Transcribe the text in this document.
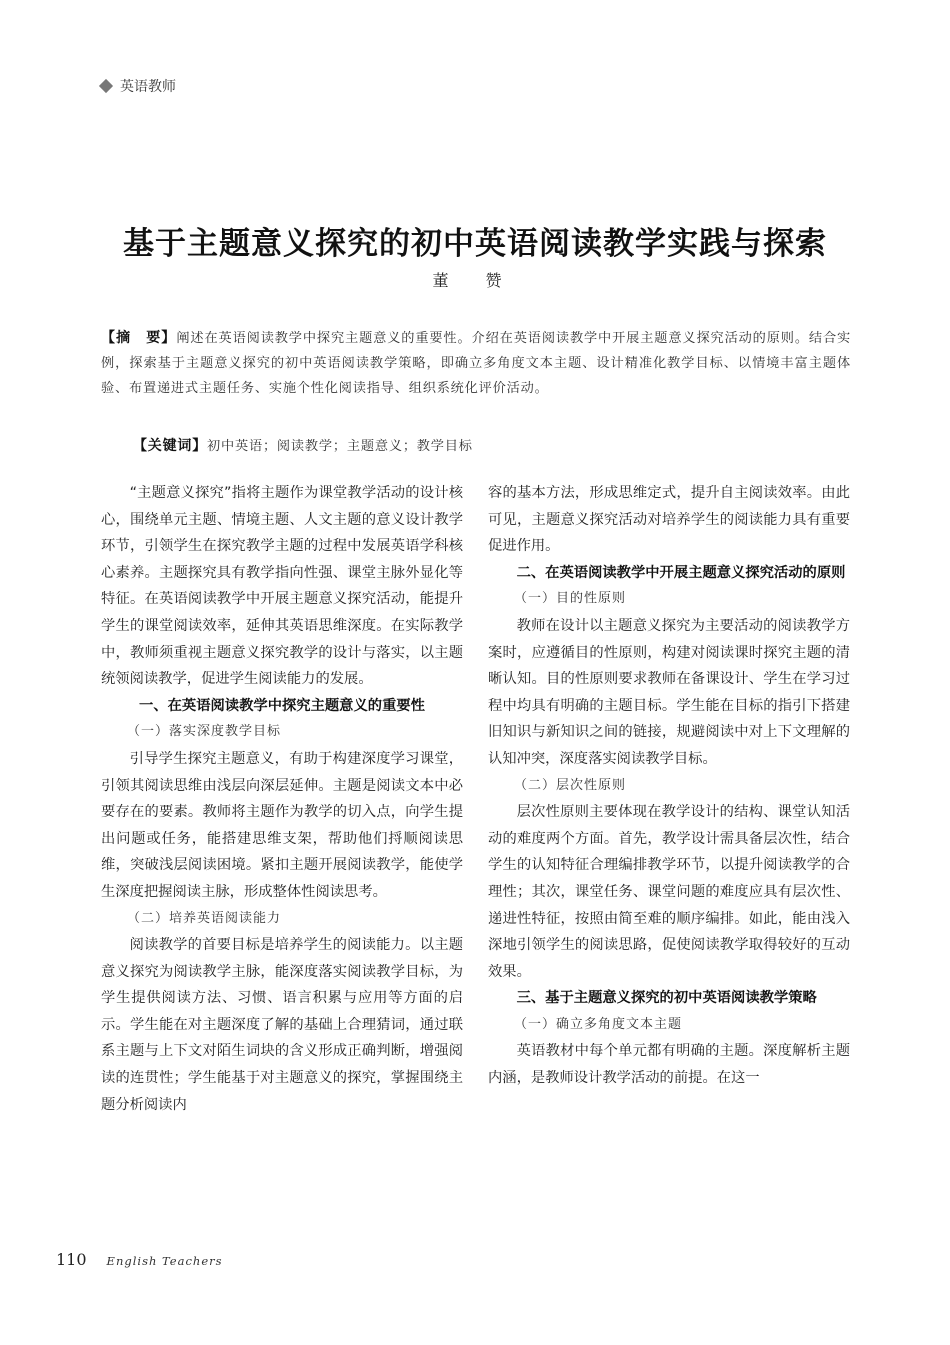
英语教师
基于主题意义探究的初中英语阅读教学实践与探索
董 赞
【摘　要】阐述在英语阅读教学中探究主题意义的重要性。介绍在英语阅读教学中开展主题意义探究活动的原则。结合实例，探索基于主题意义探究的初中英语阅读教学策略，即确立多角度文本主题、设计精准化教学目标、以情境丰富主题体验、布置递进式主题任务、实施个性化阅读指导、组织系统化评价活动。
【关键词】初中英语；阅读教学；主题意义；教学目标

“主题意义探究”指将主题作为课堂教学活动的设计核心，围绕单元主题、情境主题、人文主题的意义设计教学环节，引领学生在探究教学主题的过程中发展英语学科核心素养。主题探究具有教学指向性强、课堂主脉外显化等特征。在英语阅读教学中开展主题意义探究活动，能提升学生的课堂阅读效率，延伸其英语思维深度。在实际教学中，教师须重视主题意义探究教学的设计与落实，以主题统领阅读教学，促进学生阅读能力的发展。

一、在英语阅读教学中探究主题意义的重要性

（一）落实深度教学目标

引导学生探究主题意义，有助于构建深度学习课堂，引领其阅读思维由浅层向深层延伸。主题是阅读文本中必要存在的要素。教师将主题作为教学的切入点，向学生提出问题或任务，能搭建思维支架，帮助他们捋顺阅读思维，突破浅层阅读困境。紧扣主题开展阅读教学，能使学生深度把握阅读主脉，形成整体性阅读思考。

（二）培养英语阅读能力

阅读教学的首要目标是培养学生的阅读能力。以主题意义探究为阅读教学主脉，能深度落实阅读教学目标，为学生提供阅读方法、习惯、语言积累与应用等方面的启示。学生能在对主题深度了解的基础上合理猜词，通过联系主题与上下文对陌生词块的含义形成正确判断，增强阅读的连贯性；学生能基于对主题意义的探究，掌握围绕主题分析阅读内

容的基本方法，形成思维定式，提升自主阅读效率。由此可见，主题意义探究活动对培养学生的阅读能力具有重要促进作用。

二、在英语阅读教学中开展主题意义探究活动的原则

（一）目的性原则

教师在设计以主题意义探究为主要活动的阅读教学方案时，应遵循目的性原则，构建对阅读课时探究主题的清晰认知。目的性原则要求教师在备课设计、学生在学习过程中均具有明确的主题目标。学生能在目标的指引下搭建旧知识与新知识之间的链接，规避阅读中对上下文理解的认知冲突，深度落实阅读教学目标。

（二）层次性原则

层次性原则主要体现在教学设计的结构、课堂认知活动的难度两个方面。首先，教学设计需具备层次性，结合学生的认知特征合理编排教学环节，以提升阅读教学的合理性；其次，课堂任务、课堂问题的难度应具有层次性、递进性特征，按照由简至难的顺序编排。如此，能由浅入深地引领学生的阅读思路，促使阅读教学取得较好的互动效果。

三、基于主题意义探究的初中英语阅读教学策略

（一）确立多角度文本主题

英语教材中每个单元都有明确的主题。深度解析主题内涵，是教师设计教学活动的前提。在这一

110 English Teachers
